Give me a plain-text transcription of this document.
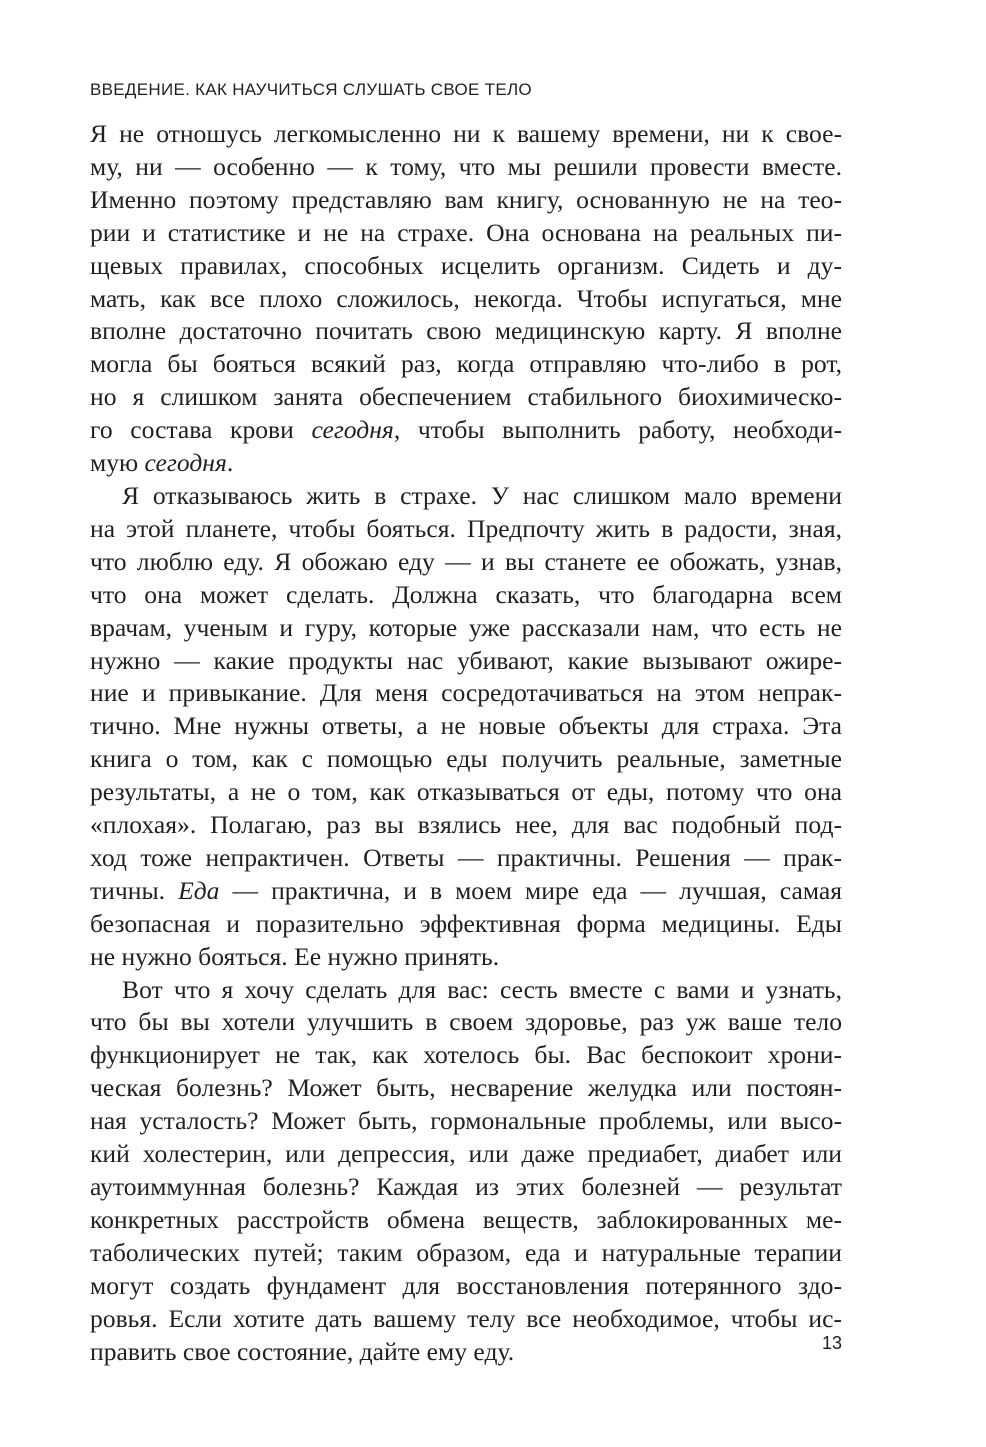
ВВЕДЕНИЕ. КАК НАУЧИТЬСЯ СЛУШАТЬ СВОЕ ТЕЛО
Я не отношусь легкомысленно ни к вашему времени, ни к свое-
му, ни — особенно — к тому, что мы решили провести вместе.
Именно поэтому представляю вам книгу, основанную не на тео-
рии и статистике и не на страхе. Она основана на реальных пи-
щевых правилах, способных исцелить организм. Сидеть и ду-
мать, как все плохо сложилось, некогда. Чтобы испугаться, мне
вполне достаточно почитать свою медицинскую карту. Я вполне
могла бы бояться всякий раз, когда отправляю что-либо в рот,
но я слишком занята обеспечением стабильного биохимическо-
го состава крови сегодня, чтобы выполнить работу, необходи-
мую сегодня.
Я отказываюсь жить в страхе. У нас слишком мало времени
на этой планете, чтобы бояться. Предпочту жить в радости, зная,
что люблю еду. Я обожаю еду — и вы станете ее обожать, узнав,
что она может сделать. Должна сказать, что благодарна всем
врачам, ученым и гуру, которые уже рассказали нам, что есть не
нужно — какие продукты нас убивают, какие вызывают ожире-
ние и привыкание. Для меня сосредотачиваться на этом непрак-
тично. Мне нужны ответы, а не новые объекты для страха. Эта
книга о том, как с помощью еды получить реальные, заметные
результаты, а не о том, как отказываться от еды, потому что она
«плохая». Полагаю, раз вы взялись нее, для вас подобный под-
ход тоже непрактичен. Ответы — практичны. Решения — прак-
тичны. Еда — практична, и в моем мире еда — лучшая, самая
безопасная и поразительно эффективная форма медицины. Еды
не нужно бояться. Ее нужно принять.
Вот что я хочу сделать для вас: сесть вместе с вами и узнать,
что бы вы хотели улучшить в своем здоровье, раз уж ваше тело
функционирует не так, как хотелось бы. Вас беспокоит хрони-
ческая болезнь? Может быть, несварение желудка или постоян-
ная усталость? Может быть, гормональные проблемы, или высо-
кий холестерин, или депрессия, или даже предиабет, диабет или
аутоиммунная болезнь? Каждая из этих болезней — результат
конкретных расстройств обмена веществ, заблокированных ме-
таболических путей; таким образом, еда и натуральные терапии
могут создать фундамент для восстановления потерянного здо-
ровья. Если хотите дать вашему телу все необходимое, чтобы ис-
править свое состояние, дайте ему еду.	13
